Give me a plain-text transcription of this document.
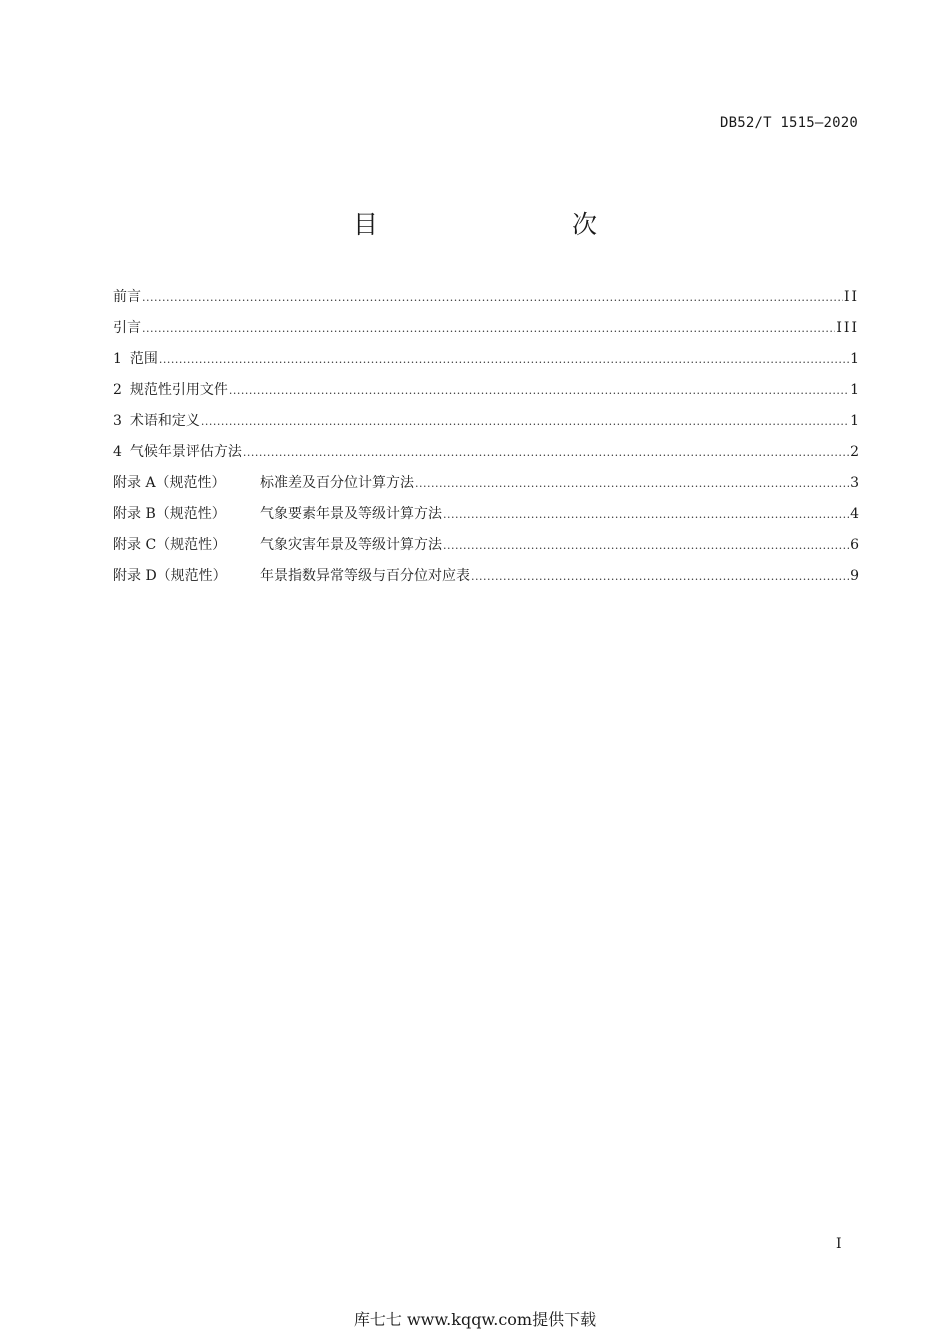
DB52/T 1515—2020
目　　次
前言 .....	II
引言 .....	III
1 范围 .....	1
2 规范性引用文件 .....	1
3 术语和定义 .....	1
4 气候年景评估方法 .....	2
附录 A（规范性） 标准差及百分位计算方法 .....	3
附录 B（规范性） 气象要素年景及等级计算方法 .....	4
附录 C（规范性） 气象灾害年景及等级计算方法 .....	6
附录 D（规范性） 年景指数异常等级与百分位对应表 .....	9
I
库七七 www.kqqw.com提供下载
